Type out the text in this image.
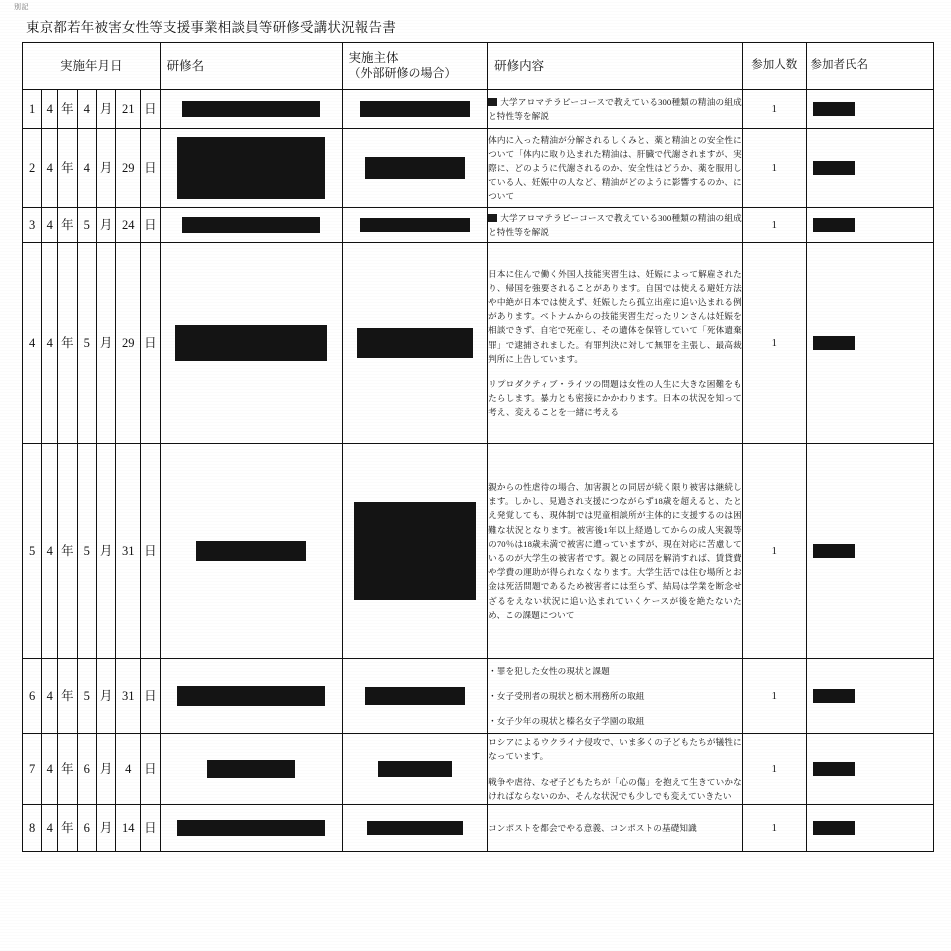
別記
東京都若年被害女性等支援事業相談員等研修受講状況報告書
実施年月日							研修名	実施主体
（外部研修の場合）	研修内容	参加人数	参加者氏名
1	4	年	4	月	21	日			大学アロマテラピーコースで教えている300種類の精油の組成と特性等を解説	1	

2	4	年	4	月	29	日			体内に入った精油が分解されるしくみと、薬と精油との安全性について「体内に取り込まれた精油は、肝臓で代謝されますが、実際に、どのように代謝されるのか、安全性はどうか、薬を服用している人、妊娠中の人など、精油がどのように影響するのか、について	1	

3	4	年	5	月	24	日			大学アロマテラピーコースで教えている300種類の精油の組成と特性等を解説	1	

4	4	年	5	月	29	日			日本に住んで働く外国人技能実習生は、妊娠によって解雇されたり、帰国を強要されることがあります。自国では使える避妊方法や中絶が日本では使えず、妊娠したら孤立出産に追い込まれる例があります。ベトナムからの技能実習生だったリンさんは妊娠を相談できず、自宅で死産し、その遺体を保管していて「死体遺棄罪」で逮捕されました。有罪判決に対して無罪を主張し、最高裁判所に上告しています。
リプロダクティブ・ライツの問題は女性の人生に大きな困難をもたらします。暴力とも密接にかかわります。日本の状況を知って考え、変えることを一緒に考える	1	

5	4	年	5	月	31	日			親からの性虐待の場合、加害親との同居が続く限り被害は継続します。しかし、見過され支援につながらず18歳を超えると、たとえ発覚しても、現体制では児童相談所が主体的に支援するのは困難な状況となります。被害後1年以上経過してからの成人実親等の70％は18歳未満で被害に遭っていますが、現在対応に苦慮しているのが大学生の被害者です。親との同居を解消すれば、賃貸費や学費の運助が得られなくなります。大学生活では住む場所とお金は死活問題であるため被害者には至らず、結局は学業を断念せざるをえない状況に追い込まれていくケースが後を絶たないため、この課題について	1	

6	4	年	5	月	31	日			・罪を犯した女性の現状と課題
・女子受刑者の現状と栃木刑務所の取組
・女子少年の現状と榛名女子学園の取組	1	

7	4	年	6	月	4	日			ロシアによるウクライナ侵攻で、いま多くの子どもたちが犠牲になっています。
戦争や虐待、なぜ子どもたちが「心の傷」を抱えて生きていかなければならないのか、そんな状況でも少しでも変えていきたい	1	

8	4	年	6	月	14	日			コンポストを都会でやる意義、コンポストの基礎知識	1	
